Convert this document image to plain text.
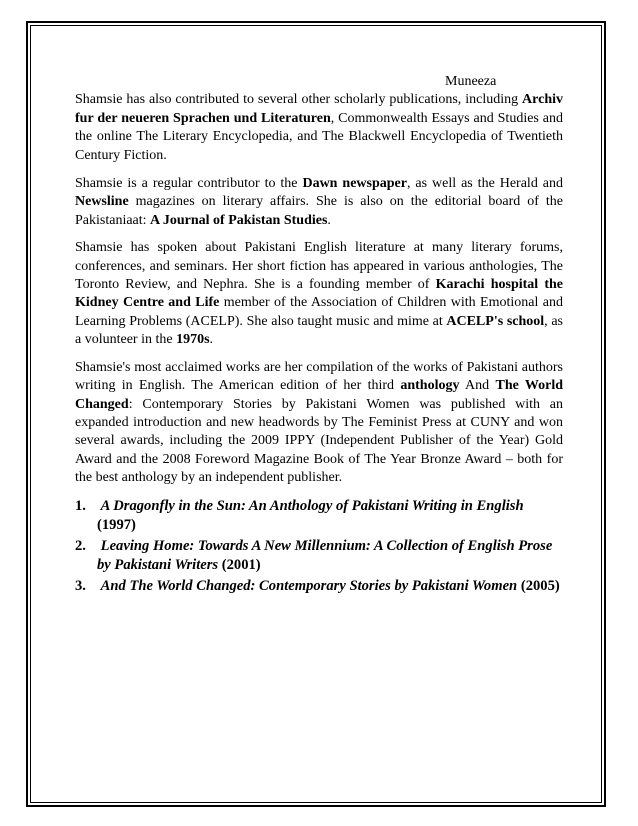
Muneeza

Shamsie has also contributed to several other scholarly publications, including Archiv fur der neueren Sprachen und Literaturen, Commonwealth Essays and Studies and the online The Literary Encyclopedia, and The Blackwell Encyclopedia of Twentieth Century Fiction.

Shamsie is a regular contributor to the Dawn newspaper, as well as the Herald and Newsline magazines on literary affairs. She is also on the editorial board of the Pakistaniaat: A Journal of Pakistan Studies.

Shamsie has spoken about Pakistani English literature at many literary forums, conferences, and seminars. Her short fiction has appeared in various anthologies, The Toronto Review, and Nephra. She is a founding member of Karachi hospital the Kidney Centre and Life member of the Association of Children with Emotional and Learning Problems (ACELP). She also taught music and mime at ACELP's school, as a volunteer in the 1970s.

Shamsie's most acclaimed works are her compilation of the works of Pakistani authors writing in English. The American edition of her third anthology And The World Changed: Contemporary Stories by Pakistani Women was published with an expanded introduction and new headwords by The Feminist Press at CUNY and won several awards, including the 2009 IPPY (Independent Publisher of the Year) Gold Award and the 2008 Foreword Magazine Book of The Year Bronze Award – both for the best anthology by an independent publisher.

1. A Dragonfly in the Sun: An Anthology of Pakistani Writing in English (1997)
2. Leaving Home: Towards A New Millennium: A Collection of English Prose by Pakistani Writers (2001)
3. And The World Changed: Contemporary Stories by Pakistani Women (2005)
